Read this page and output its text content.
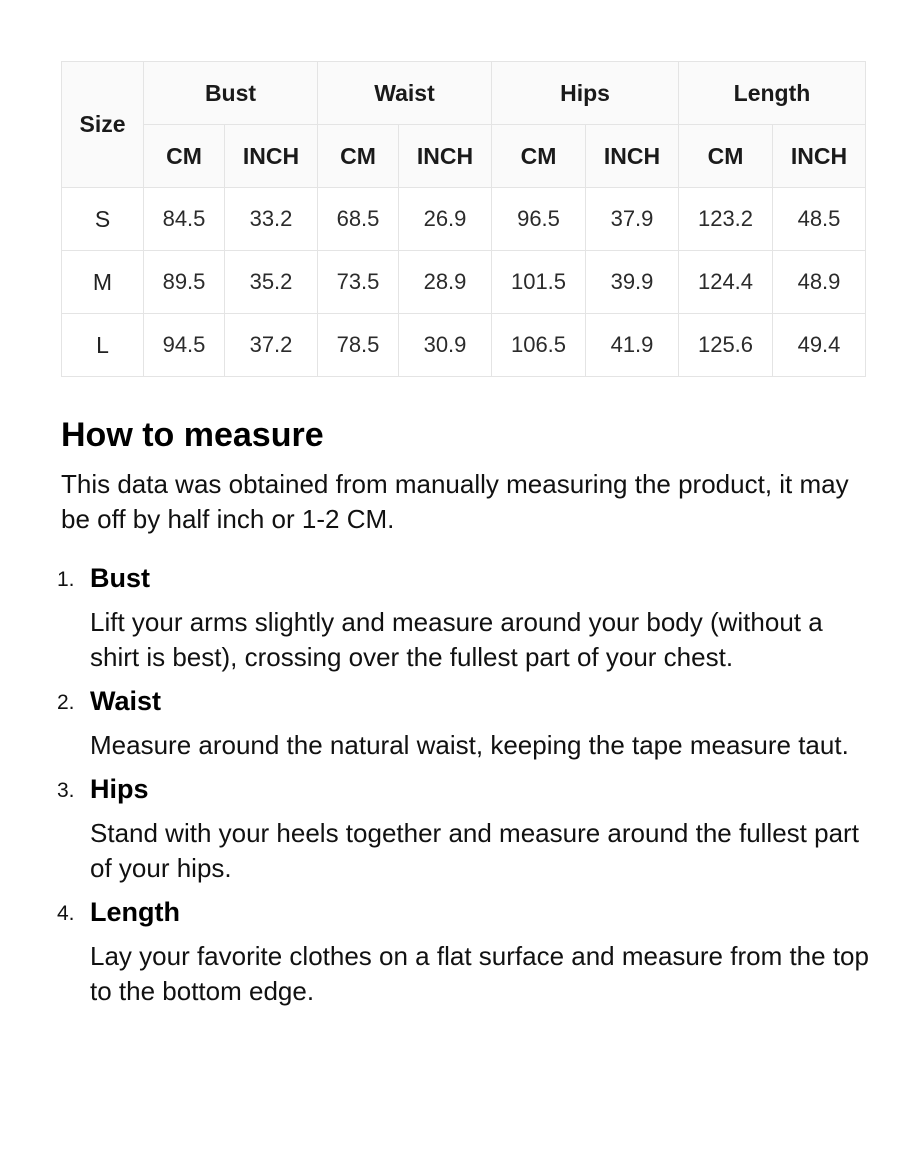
Size	Bust		Waist		Hips		Length	
	CM	INCH	CM	INCH	CM	INCH	CM	INCH
S	84.5	33.2	68.5	26.9	96.5	37.9	123.2	48.5
M	89.5	35.2	73.5	28.9	101.5	39.9	124.4	48.9
L	94.5	37.2	78.5	30.9	106.5	41.9	125.6	49.4
How to measure

This data was obtained from manually measuring the product, it may be off by half inch or 1-2 CM.

1. Bust
Lift your arms slightly and measure around your body (without a shirt is best), crossing over the fullest part of your chest.
2. Waist
Measure around the natural waist, keeping the tape measure taut.
3. Hips
Stand with your heels together and measure around the fullest part of your hips.
4. Length
Lay your favorite clothes on a flat surface and measure from the top to the bottom edge.
